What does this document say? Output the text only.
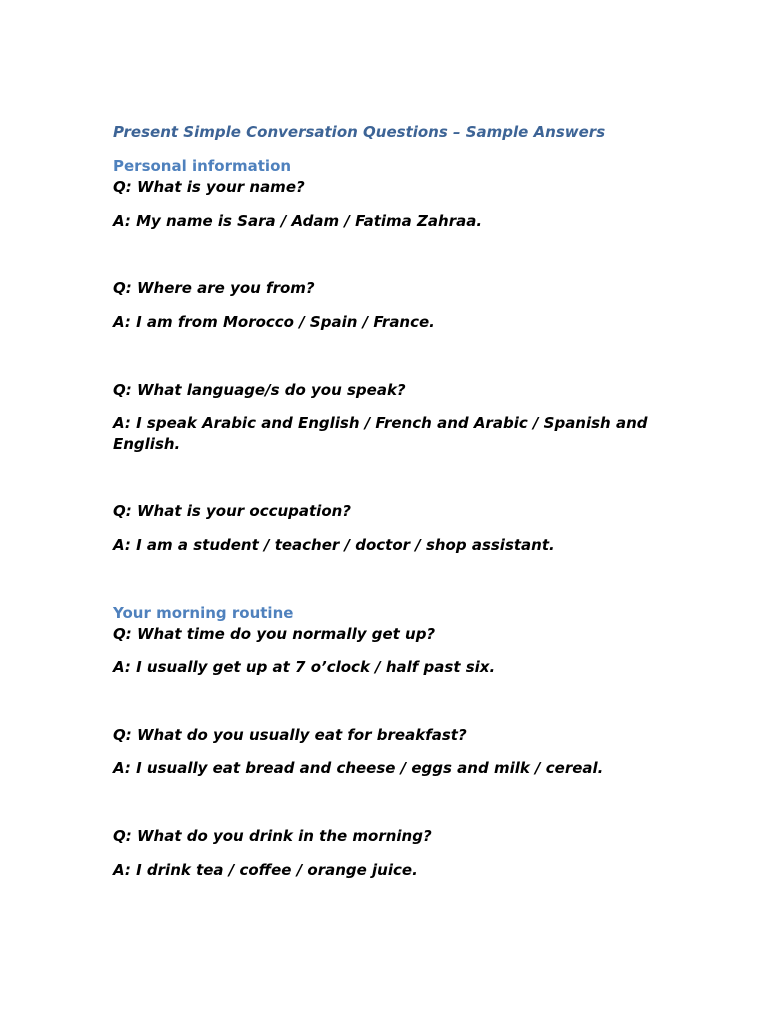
Present Simple Conversation Questions – Sample Answers

Personal information

Q: What is your name?

A: My name is Sara / Adam / Fatima Zahraa.

Q: Where are you from?

A: I am from Morocco / Spain / France.

Q: What language/s do you speak?

A: I speak Arabic and English / French and Arabic / Spanish and English.

Q: What is your occupation?

A: I am a student / teacher / doctor / shop assistant.

Your morning routine

Q: What time do you normally get up?

A: I usually get up at 7 o’clock / half past six.

Q: What do you usually eat for breakfast?

A: I usually eat bread and cheese / eggs and milk / cereal.

Q: What do you drink in the morning?

A: I drink tea / coffee / orange juice.
